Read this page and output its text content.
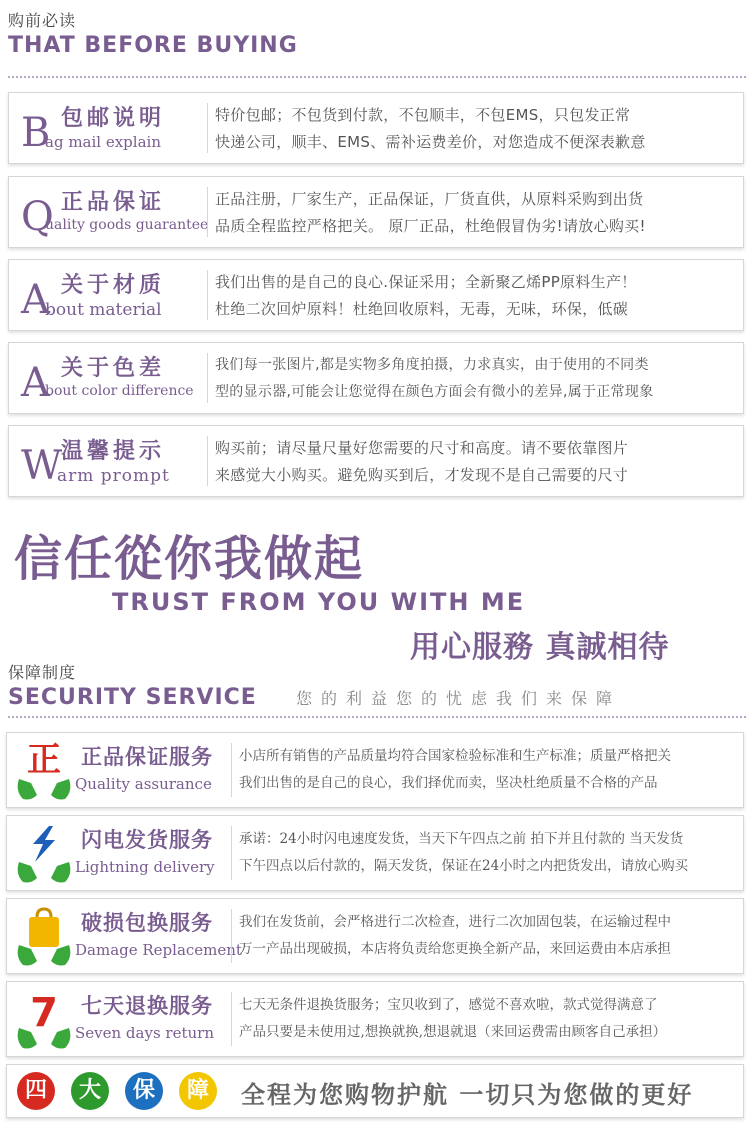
购前必读
THAT BEFORE BUYING
B 包邮说明
ag mail explain
特价包邮；不包货到付款，不包顺丰，不包EMS，只包发正常
快递公司，顺丰、EMS、需补运费差价，对您造成不便深表歉意
Q 正品保证
uality goods guarantee
正品注册，厂家生产，正品保证，厂货直供，从原料采购到出货
品质全程监控严格把关。 原厂正品，杜绝假冒伪劣!请放心购买!
A 关于材质
bout material
我们出售的是自己的良心.保证采用；全新聚乙烯PP原料生产！
杜绝二次回炉原料！杜绝回收原料，无毒，无味，环保，低碳
A 关于色差
bout color difference
我们每一张图片,都是实物多角度拍摄，力求真实，由于使用的不同类
型的显示器,可能会让您觉得在颜色方面会有微小的差异,属于正常现象
W
温馨提示
arm prompt
购买前；请尽量尺量好您需要的尺寸和高度。请不要依靠图片
来感觉大小购买。避免购买到后，才发现不是自己需要的尺寸
信任從你我做起
TRUST FROM YOU WITH ME
用心服務 真誠相待
保障制度
SECURITY SERVICE 您的利益您的忧虑我们来保障
正 正品保证服务
Quality assurance
小店所有销售的产品质量均符合国家检验标准和生产标准；质量严格把关
我们出售的是自己的良心，我们择优而卖，坚决杜绝质量不合格的产品
闪电发货服务
Lightning delivery
承诺：24小时闪电速度发货，当天下午四点之前 拍下并且付款的 当天发货
下午四点以后付款的，隔天发货，保证在24小时之内把货发出，请放心购买
破损包换服务
Damage Replacement
我们在发货前，会严格进行二次检查，进行二次加固包装，在运输过程中
万一产品出现破损，本店将负责给您更换全新产品，来回运费由本店承担
7 七天退换服务
Seven days return
七天无条件退换货服务；宝贝收到了，感觉不喜欢啦，款式觉得满意了
产品只要是未使用过,想换就换,想退就退（来回运费需由顾客自己承担）
四	大	保	障	全程为您购物护航 一切只为您做的更好
